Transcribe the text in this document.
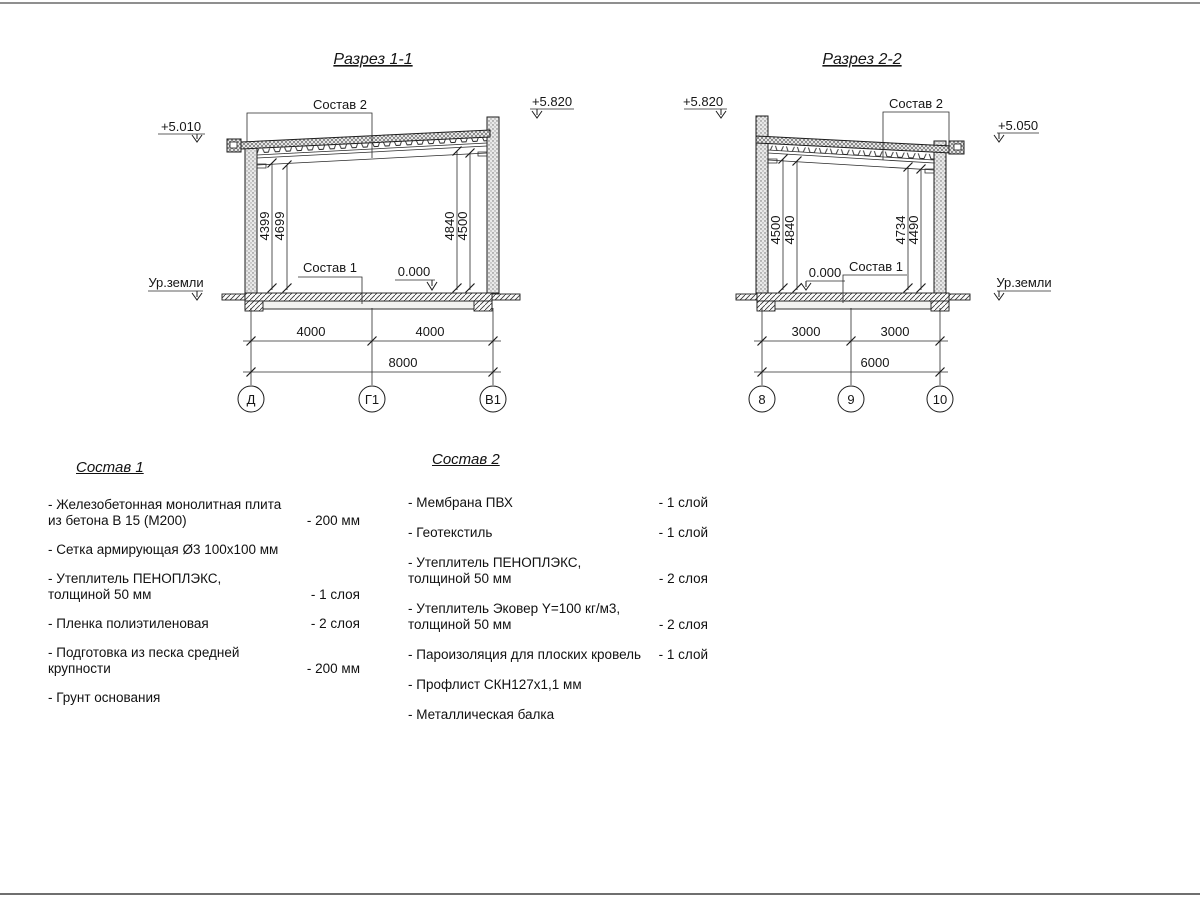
Разрез 1-1
Состав 2
Состав 1
+5.010
+5.820
0.000
Ур.земли
4399 4699	4840
4500
4000	4000
8000
Д	Г1	В1
Разрез 2-2
Состав 2
Состав 1
+5.820
+5.050
0.000
Ур.земли
4500 4840	4734
4490
3000	3000
6000
8	9	10
Состав 1
- Железобетонная монолитная плита
из бетона В 15 (М200)	- 200 мм
- Сетка армирующая Ø3 100х100 мм
- Утеплитель ПЕНОПЛЭКС,
толщиной 50 мм	- 1 слоя
- Пленка полиэтиленовая	- 2 слоя
- Подготовка из песка средней
крупности	- 200 мм
- Грунт основания
Состав 2
- Мембрана ПВХ	- 1 слой
- Геотекстиль	- 1 слой
- Утеплитель ПЕНОПЛЭКС,
толщиной 50 мм	- 2 слоя
- Утеплитель Эковер Y=100 кг/м3,
толщиной 50 мм	- 2 слоя
- Пароизоляция для плоских кровель	- 1 слой
- Профлист СКН127х1,1 мм
- Металлическая балка
